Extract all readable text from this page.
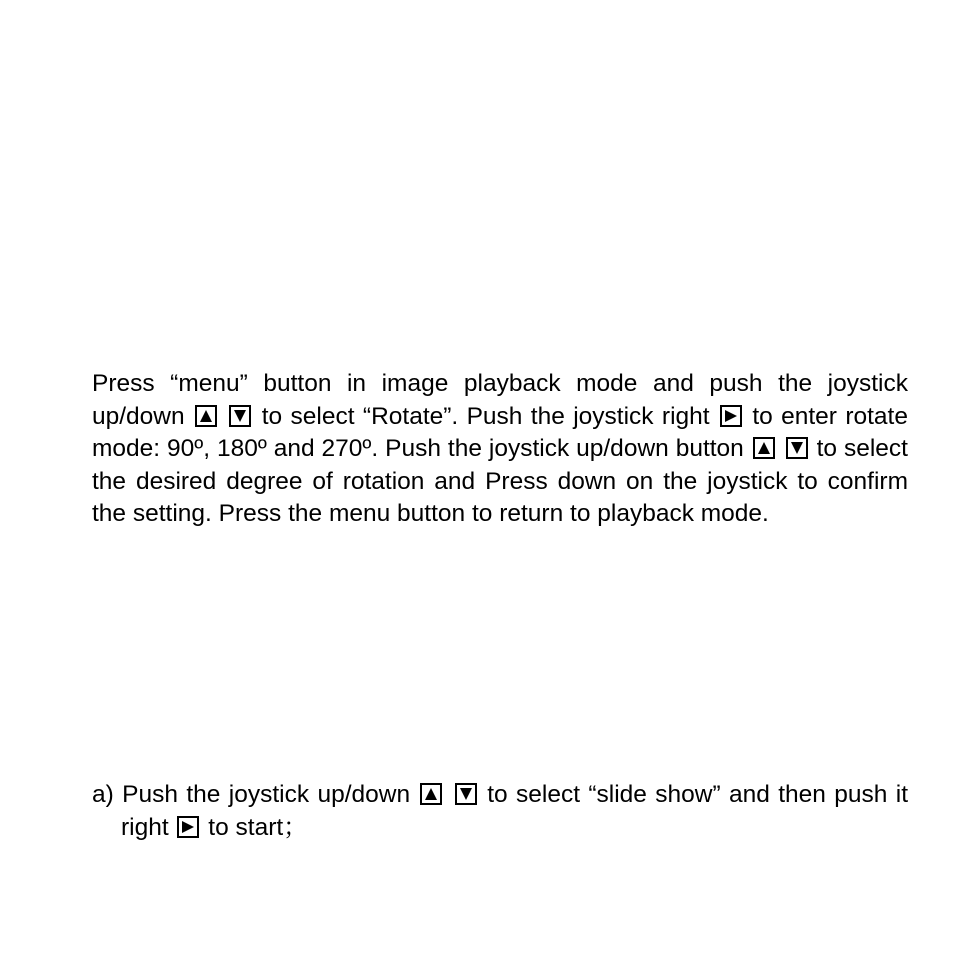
Press “menu” button in image playback mode and push the joystick up/down

to select “Rotate”. Push the joystick right
to enter rotate mode: 90º, 180º and 270º. Push the joystick up/down button

to select the desired degree of rotation and Press down on the joystick to confirm the setting. Press the menu button to return to playback mode.
a) Push the joystick up/down

to select “slide show” and then push it right
to start；
